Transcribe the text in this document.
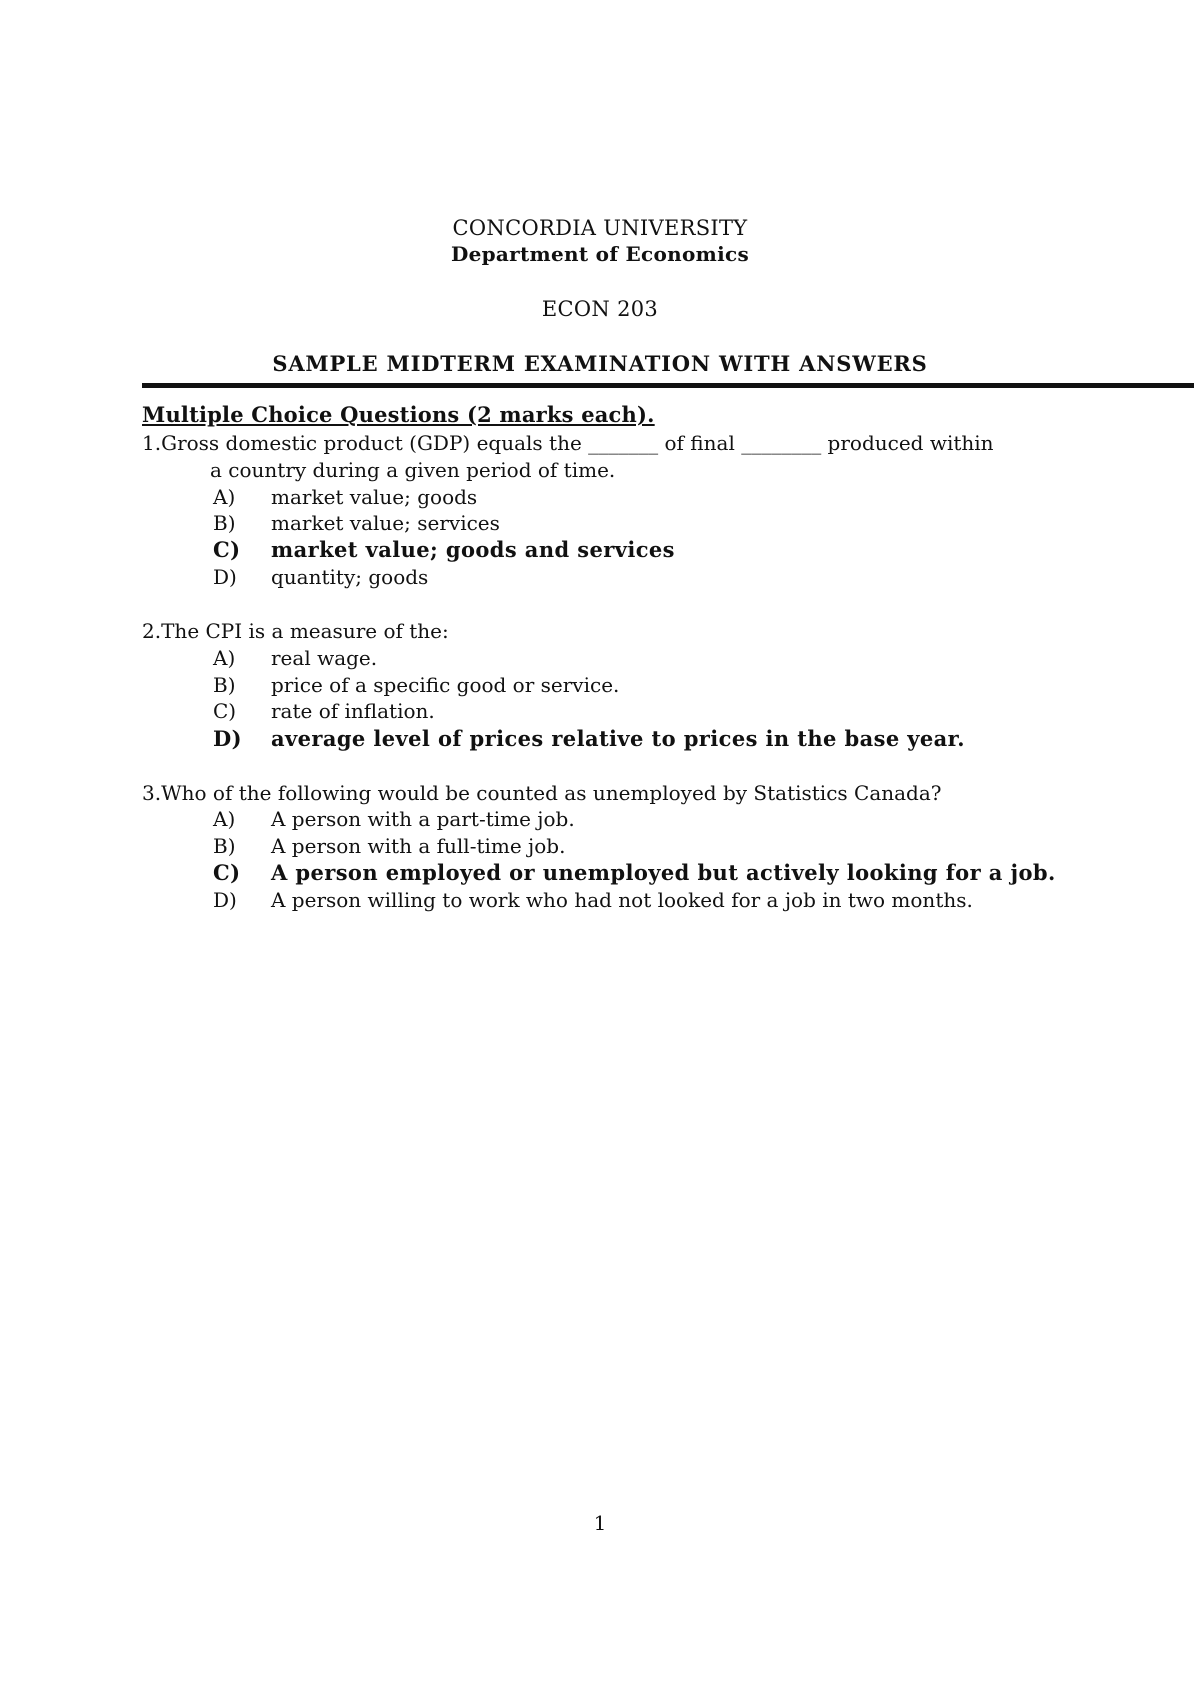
CONCORDIA UNIVERSITY
Department of Economics
ECON 203
SAMPLE MIDTERM EXAMINATION WITH ANSWERS
Multiple Choice Questions (2 marks each).
1.Gross domestic product (GDP) equals the _______ of final ________ produced within
a country during a given period of time.
A) market value; goods
B) market value; services
C) market value; goods and services
D) quantity; goods
2.The CPI is a measure of the:
A) real wage.
B) price of a specific good or service.
C) rate of inflation.
D) average level of prices relative to prices in the base year.
3.Who of the following would be counted as unemployed by Statistics Canada?
A) A person with a part-time job.
B) A person with a full-time job.
C) A person employed or unemployed but actively looking for a job.
D) A person willing to work who had not looked for a job in two months.
1
